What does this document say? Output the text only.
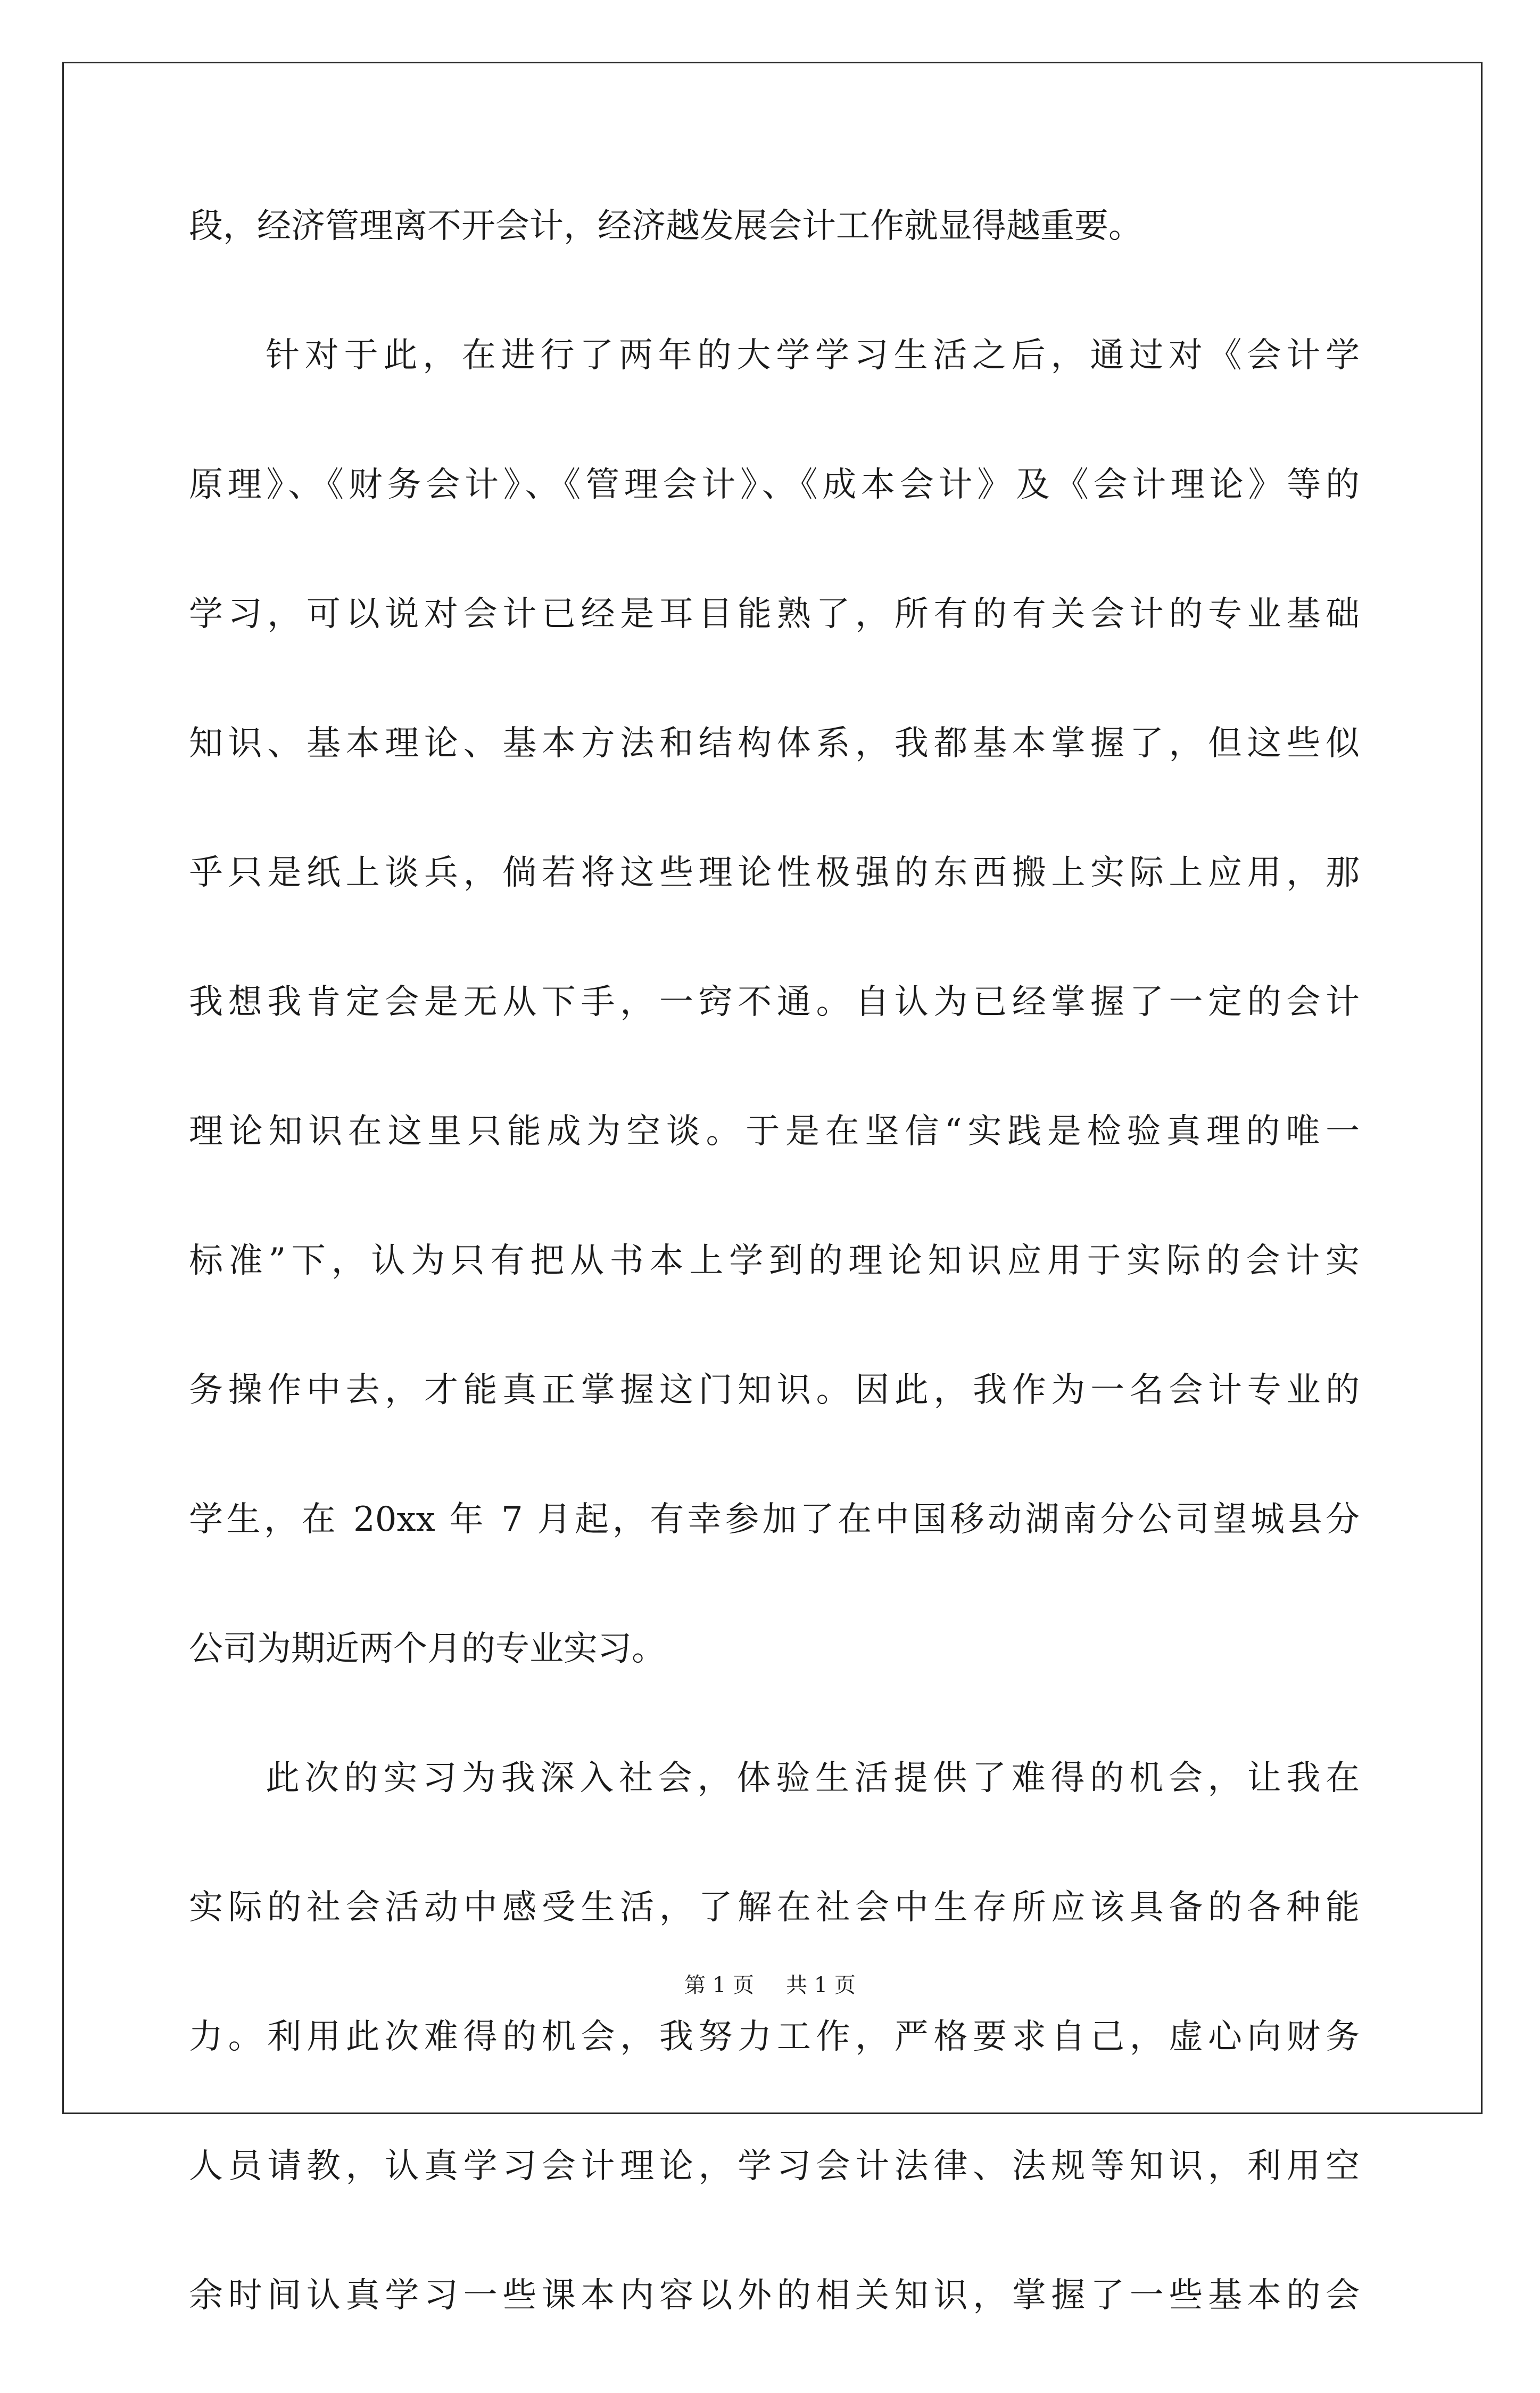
段，经济管理离不开会计，经济越发展会计工作就显得越重要。
针对于此，在进行了两年的大学学习生活之后，通过对《会计学
原理》、《财务会计》、《管理会计》、《成本会计》及《会计理论》等的
学习，可以说对会计已经是耳目能熟了，所有的有关会计的专业基础
知识、基本理论、基本方法和结构体系，我都基本掌握了，但这些似
乎只是纸上谈兵，倘若将这些理论性极强的东西搬上实际上应用，那
我想我肯定会是无从下手，一窍不通。自认为已经掌握了一定的会计
理论知识在这里只能成为空谈。于是在坚信“实践是检验真理的唯一
标准”下，认为只有把从书本上学到的理论知识应用于实际的会计实
务操作中去，才能真正掌握这门知识。因此，我作为一名会计专业的
学生，在 20xx 年 7 月起，有幸参加了在中国移动湖南分公司望城县分
公司为期近两个月的专业实习。
此次的实习为我深入社会，体验生活提供了难得的机会，让我在
实际的社会活动中感受生活，了解在社会中生存所应该具备的各种能
力。利用此次难得的机会，我努力工作，严格要求自己，虚心向财务
人员请教，认真学习会计理论，学习会计法律、法规等知识，利用空
余时间认真学习一些课本内容以外的相关知识，掌握了一些基本的会
第 1 页 共 1 页
